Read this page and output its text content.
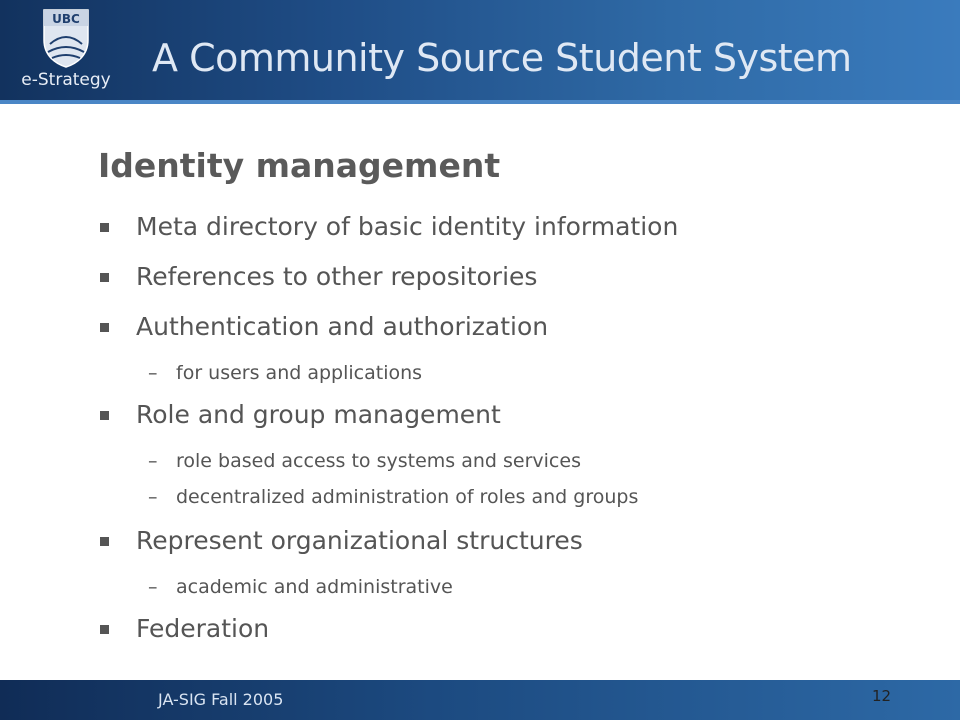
UBC
e-Strategy A Community Source Student System
Identity management
Meta directory of basic identity information
References to other repositories
Authentication and authorization
– for users and applications
Role and group management
– role based access to systems and services
– decentralized administration of roles and groups
Represent organizational structures
– academic and administrative
Federation
JA-SIG Fall 2005	12
